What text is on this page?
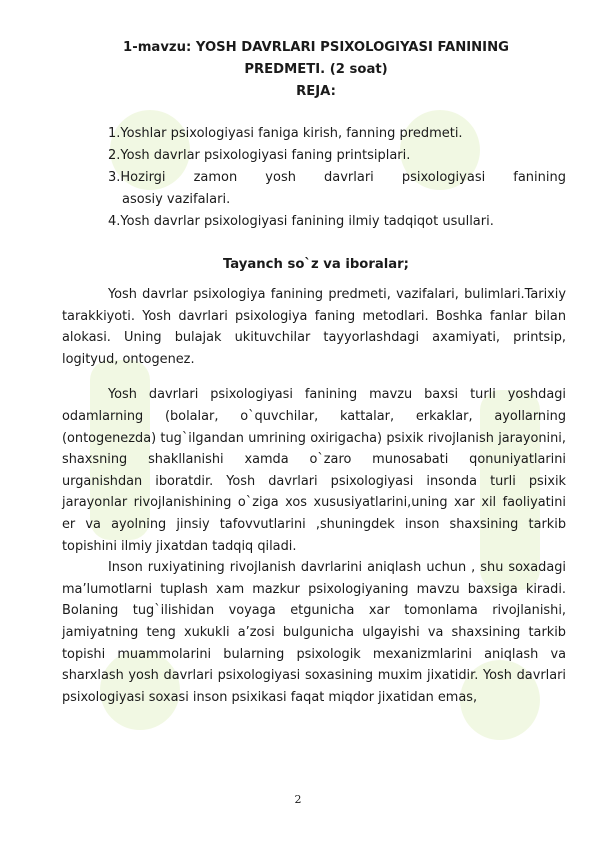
1-mavzu: YOSH DAVRLARI PSIXOLOGIYASI FANINING
PREDMETI. (2 soat)
REJA:

1.Yoshlar psixologiyasi faniga kirish, fanning predmeti.

2.Yosh davrlar psixologiyasi faning printsiplari.

3.Hozirgi zamon yosh davrlari psixologiyasi fanining

asosiy vazifalari.

4.Yosh davrlar psixologiyasi fanining ilmiy tadqiqot usullari.

Tayanch so`z va iboralar;

Yosh davrlar psixologiya fanining predmeti, vazifalari, bulimlari.Tarixiy tarakkiyoti. Yosh davrlari psixologiya faning metodlari. Boshka fanlar bilan alokasi. Uning bulajak ukituvchilar tayyorlashdagi axamiyati, printsip, logityud, ontogenez.

Yosh davrlari psixologiyasi fanining mavzu baxsi turli yoshdagi odamlarning (bolalar, o`quvchilar, kattalar, erkaklar, ayollarning (ontogenezda) tug`ilgandan umrining oxirigacha) psixik rivojlanish jarayonini, shaxsning shakllanishi xamda o`zaro munosabati qonuniyatlarini urganishdan iboratdir. Yosh davrlari psixologiyasi insonda turli psixik jarayonlar rivojlanishining o`ziga xos xususiyatlarini,uning xar xil faoliyatini er va ayolning jinsiy tafovvutlarini ,shuningdek inson shaxsining tarkib topishini ilmiy jixatdan tadqiq qiladi.

Inson ruxiyatining rivojlanish davrlarini aniqlash uchun , shu soxadagi ma’lumotlarni tuplash xam mazkur psixologiyaning mavzu baxsiga kiradi. Bolaning tug`ilishidan voyaga etgunicha xar tomonlama rivojlanishi, jamiyatning teng xukukli a’zosi bulgunicha ulgayishi va shaxsining tarkib topishi muammolarini bularning psixologik mexanizmlarini aniqlash va sharxlash yosh davrlari psixologiyasi soxasining muxim jixatidir. Yosh davrlari psixologiyasi soxasi inson psixikasi faqat miqdor jixatidan emas,

2
